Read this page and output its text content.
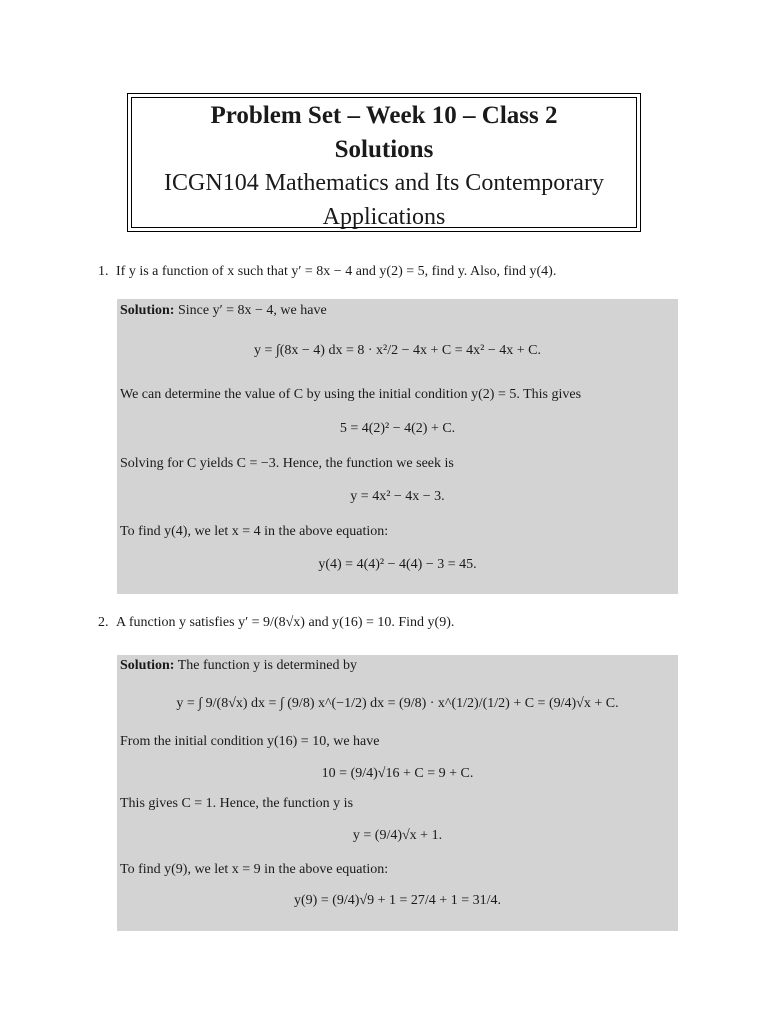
Problem Set – Week 10 – Class 2
Solutions
ICGN104 Mathematics and Its Contemporary
Applications
1. If y is a function of x such that y′ = 8x − 4 and y(2) = 5, find y. Also, find y(4).
Solution: Since y′ = 8x − 4, we have
y = ∫(8x − 4) dx = 8 · x²/2 − 4x + C = 4x² − 4x + C.
We can determine the value of C by using the initial condition y(2) = 5. This gives
5 = 4(2)² − 4(2) + C.
Solving for C yields C = −3. Hence, the function we seek is
y = 4x² − 4x − 3.
To find y(4), we let x = 4 in the above equation:
y(4) = 4(4)² − 4(4) − 3 = 45.
2. A function y satisfies y′ = 9/(8√x) and y(16) = 10. Find y(9).
Solution: The function y is determined by
y = ∫ 9/(8√x) dx = ∫ (9/8) x^(−1/2) dx = (9/8) · x^(1/2)/(1/2) + C = (9/4)√x + C.
From the initial condition y(16) = 10, we have
10 = (9/4)√16 + C = 9 + C.
This gives C = 1. Hence, the function y is
y = (9/4)√x + 1.
To find y(9), we let x = 9 in the above equation:
y(9) = (9/4)√9 + 1 = 27/4 + 1 = 31/4.
